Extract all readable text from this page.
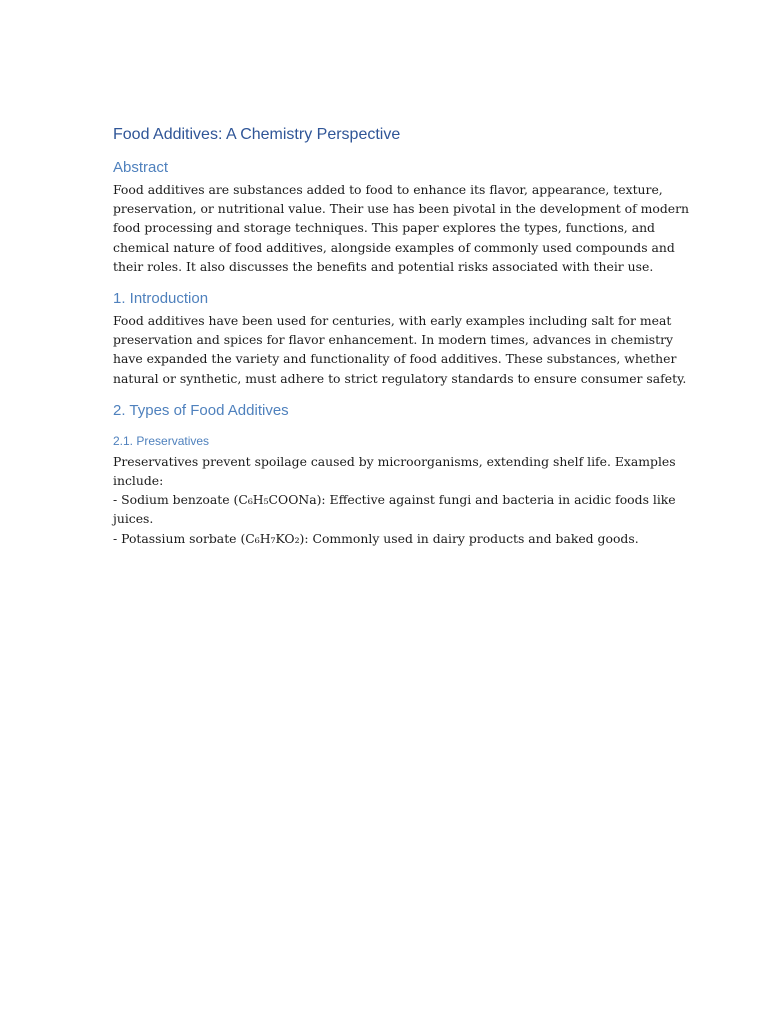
Food Additives: A Chemistry Perspective
Abstract

Food additives are substances added to food to enhance its flavor, appearance, texture,
preservation, or nutritional value. Their use has been pivotal in the development of modern
food processing and storage techniques. This paper explores the types, functions, and
chemical nature of food additives, alongside examples of commonly used compounds and
their roles. It also discusses the benefits and potential risks associated with their use.

1. Introduction

Food additives have been used for centuries, with early examples including salt for meat
preservation and spices for flavor enhancement. In modern times, advances in chemistry
have expanded the variety and functionality of food additives. These substances, whether
natural or synthetic, must adhere to strict regulatory standards to ensure consumer safety.

2. Types of Food Additives
2.1. Preservatives

Preservatives prevent spoilage caused by microorganisms, extending shelf life. Examples
include:
- Sodium benzoate (C₆H₅COONa): Effective against fungi and bacteria in acidic foods like
juices.
- Potassium sorbate (C₆H₇KO₂): Commonly used in dairy products and baked goods.
